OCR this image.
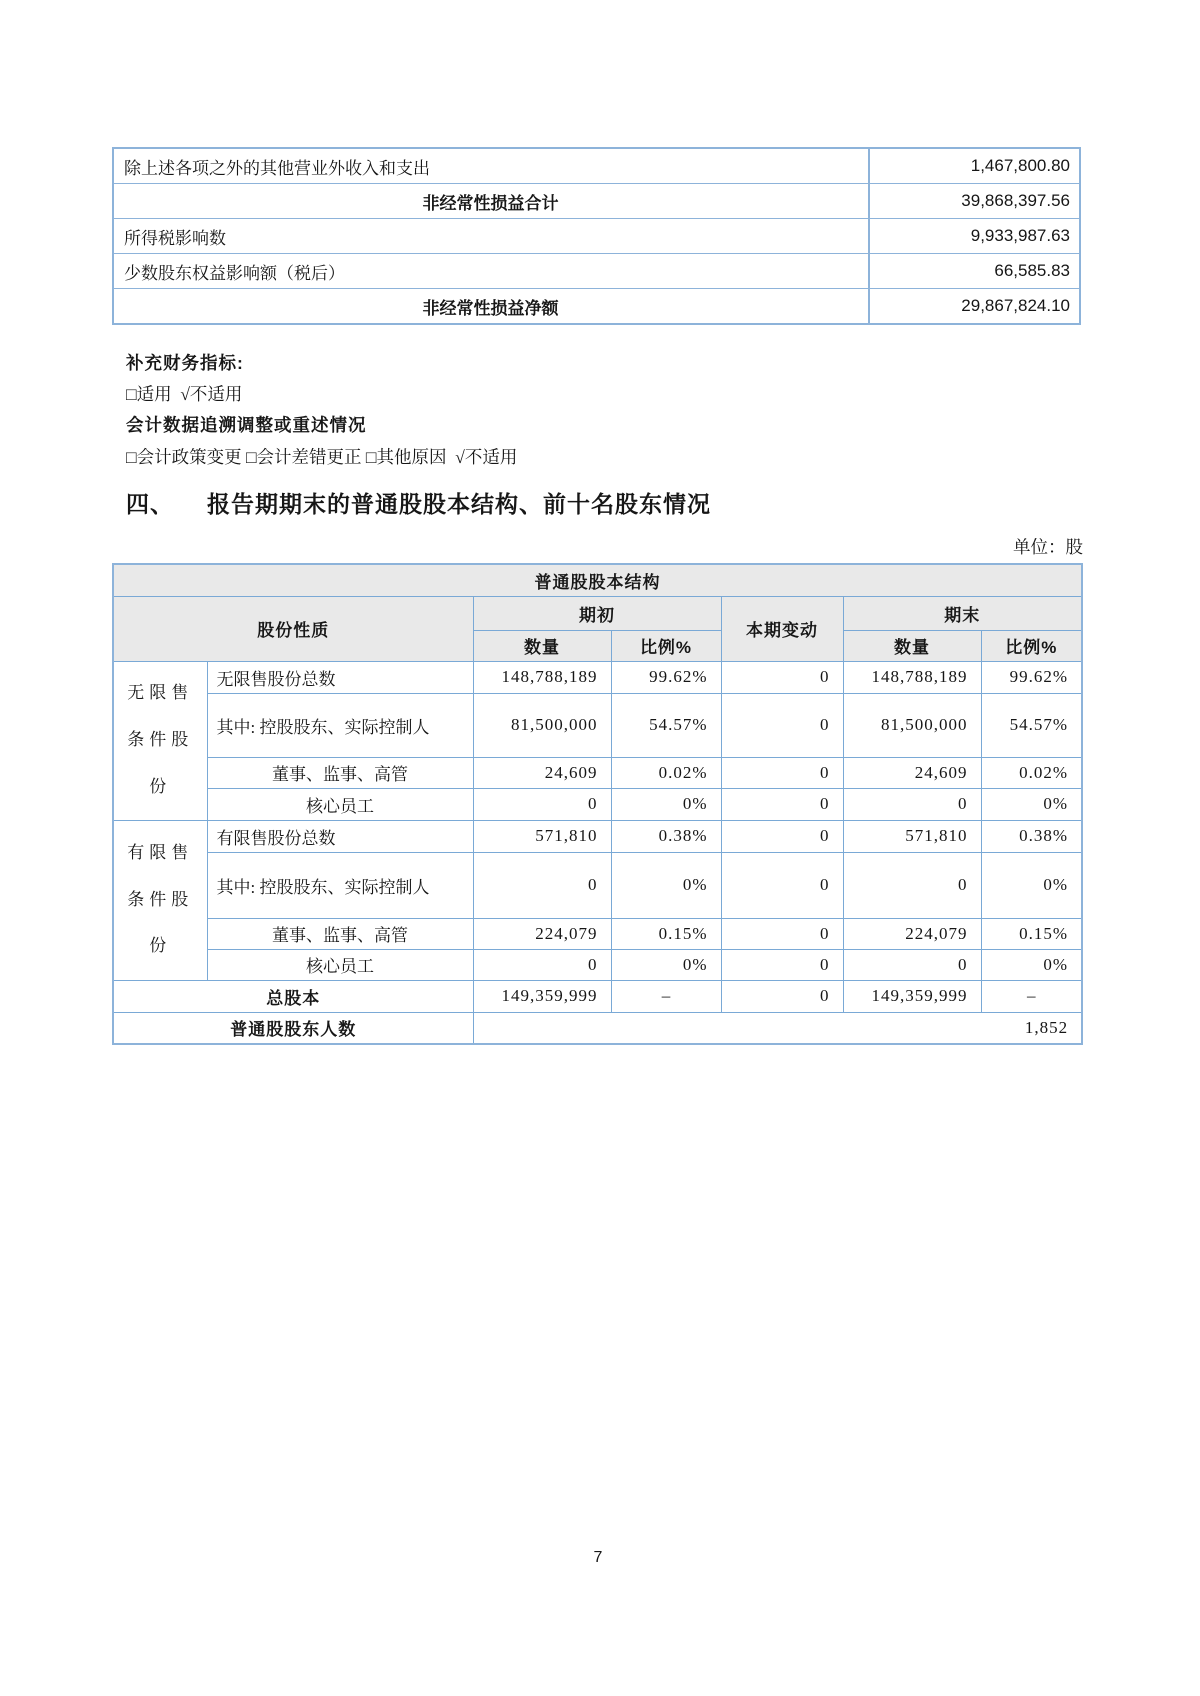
除上述各项之外的其他营业外收入和支出	1,467,800.80
非经常性损益合计	39,868,397.56
所得税影响数	9,933,987.63
少数股东权益影响额（税后）	66,585.83
非经常性损益净额	29,867,824.10
补充财务指标:
□适用  √不适用
会计数据追溯调整或重述情况
□会计政策变更 □会计差错更正 □其他原因  √不适用
四、 报告期期末的普通股股本结构、前十名股东情况
单位：股
普通股股本结构						
股份性质		期初		本期变动	期末	
		数量	比例%		数量	比例%
无限售条件股份	无限售股份总数	148,788,189	99.62%	0	148,788,189	99.62%
	其中: 控股股东、实际控制人	81,500,000	54.57%	0	81,500,000	54.57%
	董事、监事、高管	24,609	0.02%	0	24,609	0.02%
	核心员工	0	0%	0	0	0%
有限售条件股份	有限售股份总数	571,810	0.38%	0	571,810	0.38%
	其中: 控股股东、实际控制人	0	0%	0	0	0%
	董事、监事、高管	224,079	0.15%	0	224,079	0.15%
	核心员工	0	0%	0	0	0%
总股本		149,359,999	–	0	149,359,999	–
普通股股东人数		1,852				
7
